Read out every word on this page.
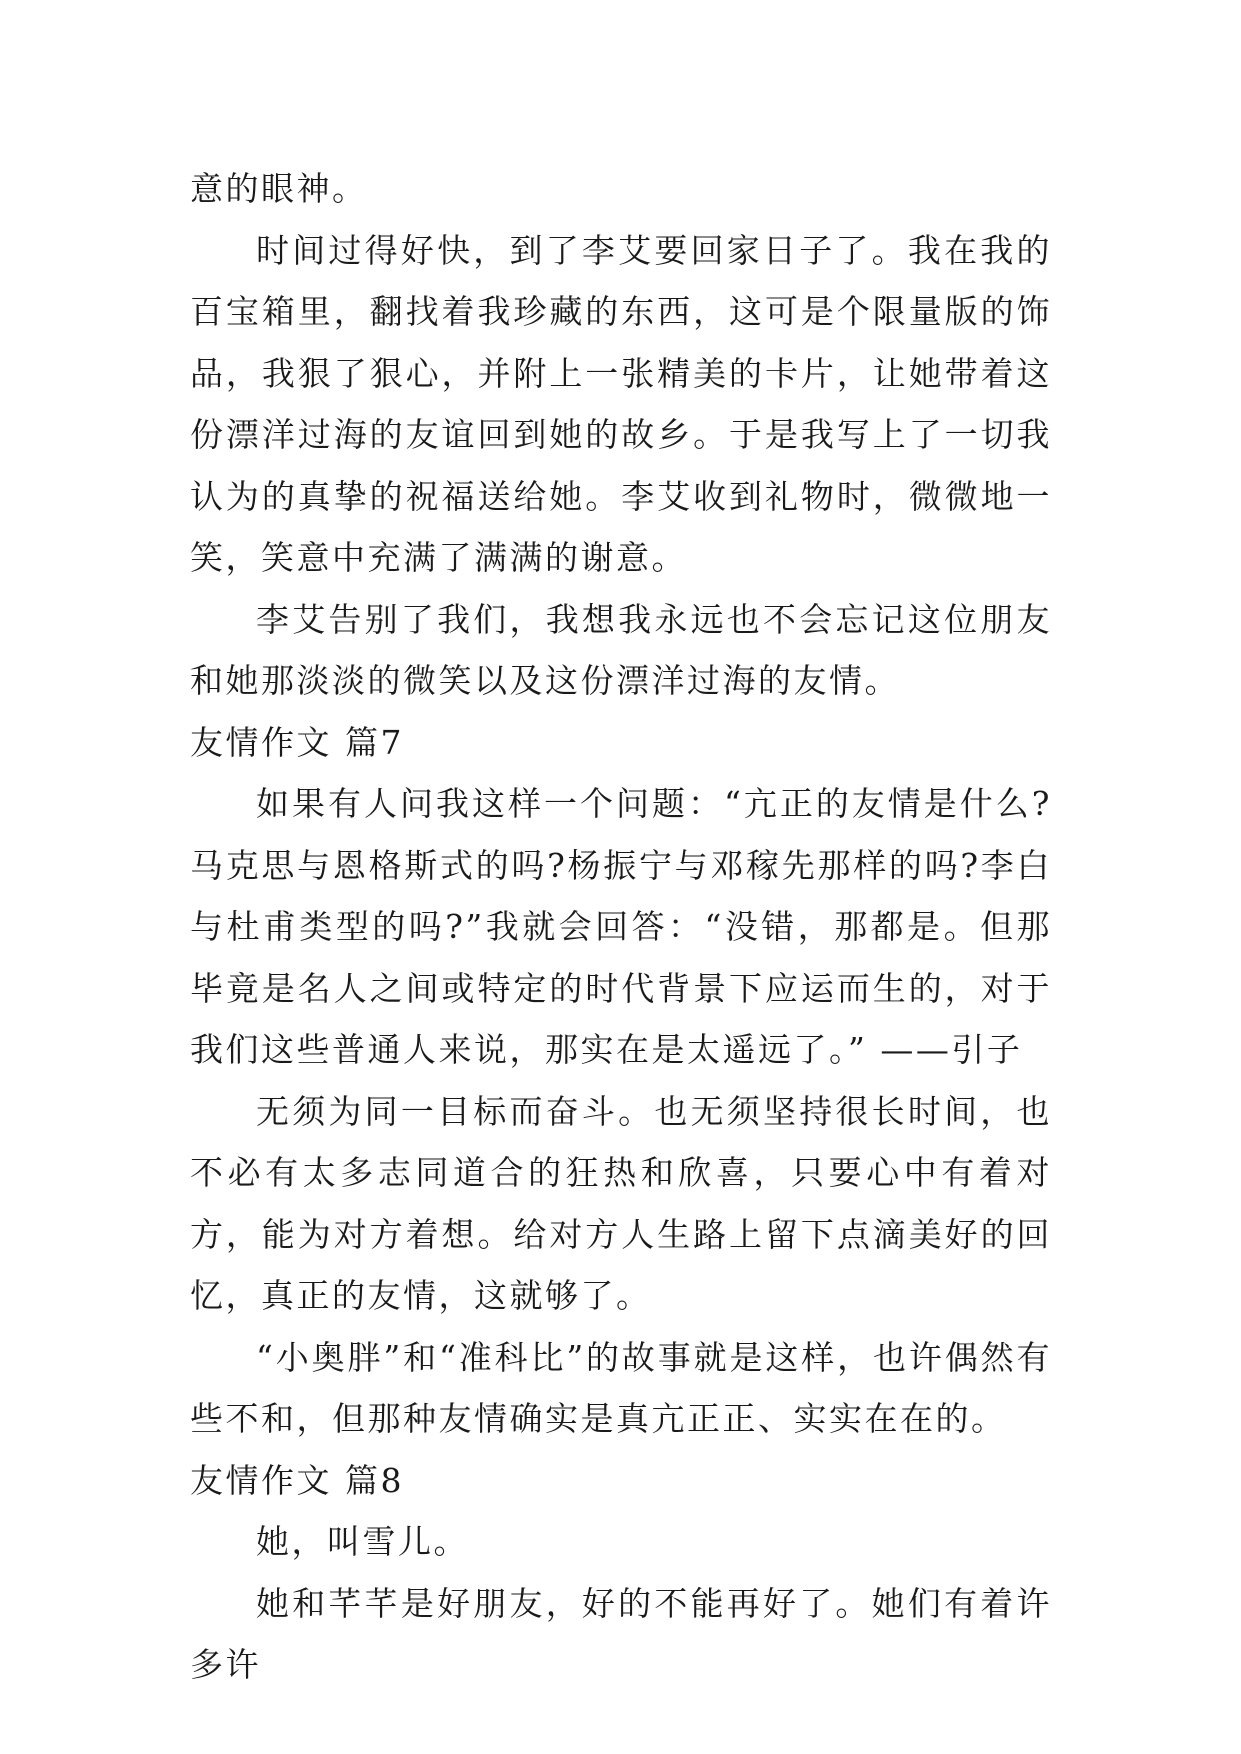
意的眼神。

时间过得好快，到了李艾要回家日子了。我在我的百宝箱里，翻找着我珍藏的东西，这可是个限量版的饰品，我狠了狠心，并附上一张精美的卡片，让她带着这份漂洋过海的友谊回到她的故乡。于是我写上了一切我认为的真挚的祝福送给她。李艾收到礼物时，微微地一笑，笑意中充满了满满的谢意。

李艾告别了我们，我想我永远也不会忘记这位朋友和她那淡淡的微笑以及这份漂洋过海的友情。

友情作文 篇7

如果有人问我这样一个问题：“亢正的友情是什么?马克思与恩格斯式的吗?杨振宁与邓稼先那样的吗?李白与杜甫类型的吗?”我就会回答：“没错，那都是。但那毕竟是名人之间或特定的时代背景下应运而生的，对于我们这些普通人来说，那实在是太遥远了。” ——引子

无须为同一目标而奋斗。也无须坚持很长时间，也不必有太多志同道合的狂热和欣喜，只要心中有着对方，能为对方着想。给对方人生路上留下点滴美好的回忆，真正的友情，这就够了。

“小奥胖”和“准科比”的故事就是这样，也许偶然有些不和，但那种友情确实是真亢正正、实实在在的。

友情作文 篇8

她，叫雪儿。

她和芊芊是好朋友，好的不能再好了。她们有着许多许
